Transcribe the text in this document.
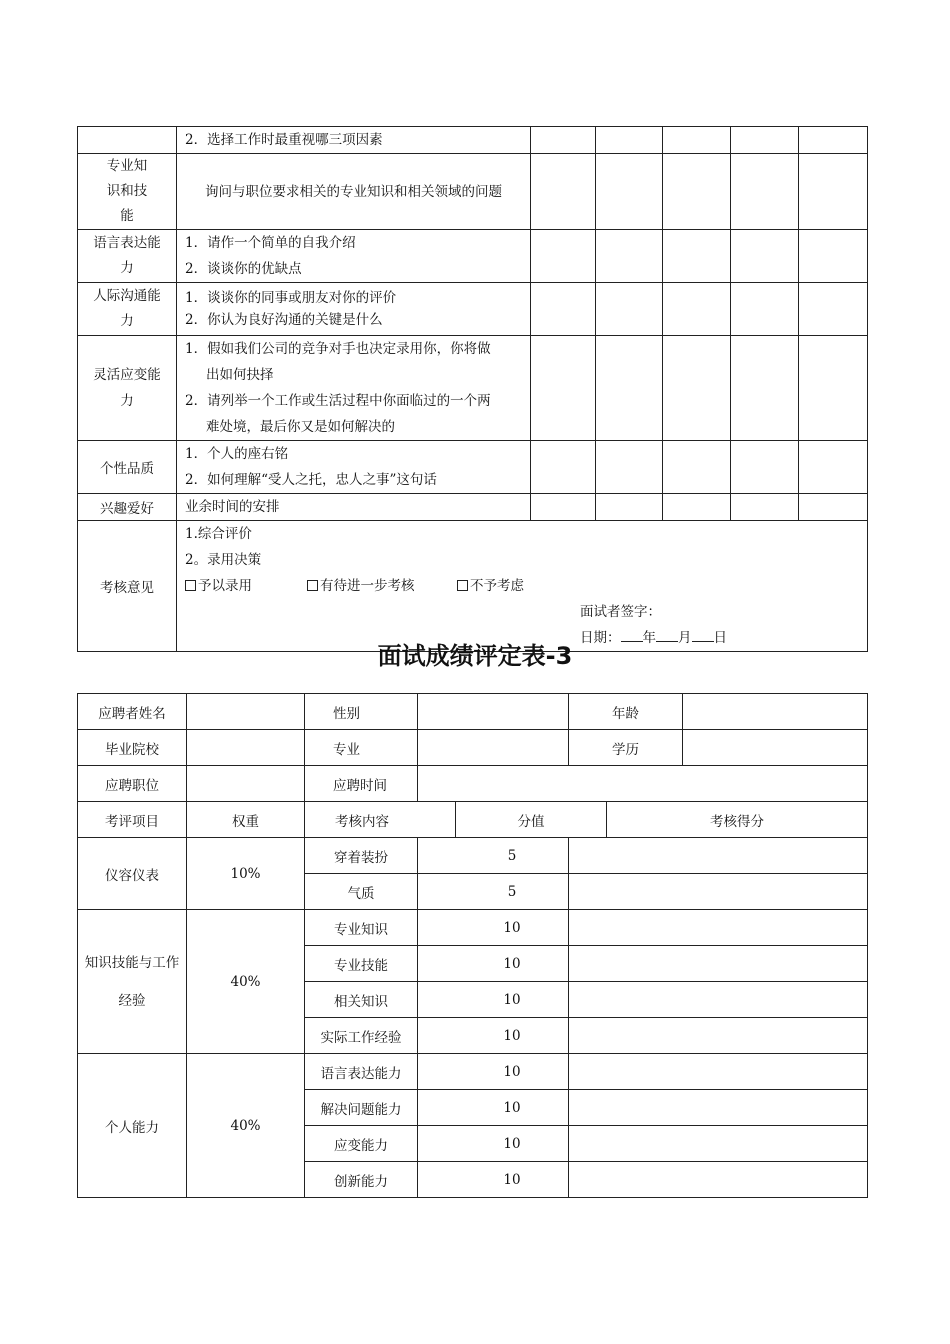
	2．选择工作时最重视哪三项因素					

专业知识和技能	询问与职位要求相关的专业知识和相关领域的问题					

语言表达能力	1．请作一个简单的自我介绍
2．谈谈你的优缺点					

人际沟通能力	1．谈谈你的同事或朋友对你的评价
2．你认为良好沟通的关键是什么					

灵活应变能力	1．假如我们公司的竞争对手也决定录用你，你将做
出如何抉择
2．请列举一个工作或生活过程中你面临过的一个两
难处境，最后你又是如何解决的					

个性品质	1．个人的座右铭
2．如何理解“受人之托，忠人之事”这句话					

兴趣爱好	业余时间的安排					

考核意见	1.综合评价
2。录用决策
予以录用 有待进一步考核 不予考虑
面试者签字：
日期： 年 月 日					
面试成绩评定表-3
应聘者姓名		性别			年龄	

毕业院校		专业			学历	

应聘职位		应聘时间				
考评项目	权重	考核内容		分值		考核得分
仪容仪表	10%	穿着装扮	5			
		气质	5			

知识技能与工作经验	40%	专业知识	10			
		专业技能	10			
		相关知识	10			
		实际工作经验	10			
个人能力	40%	语言表达能力	10			
		解决问题能力	10			
		应变能力	10			
		创新能力	10			
